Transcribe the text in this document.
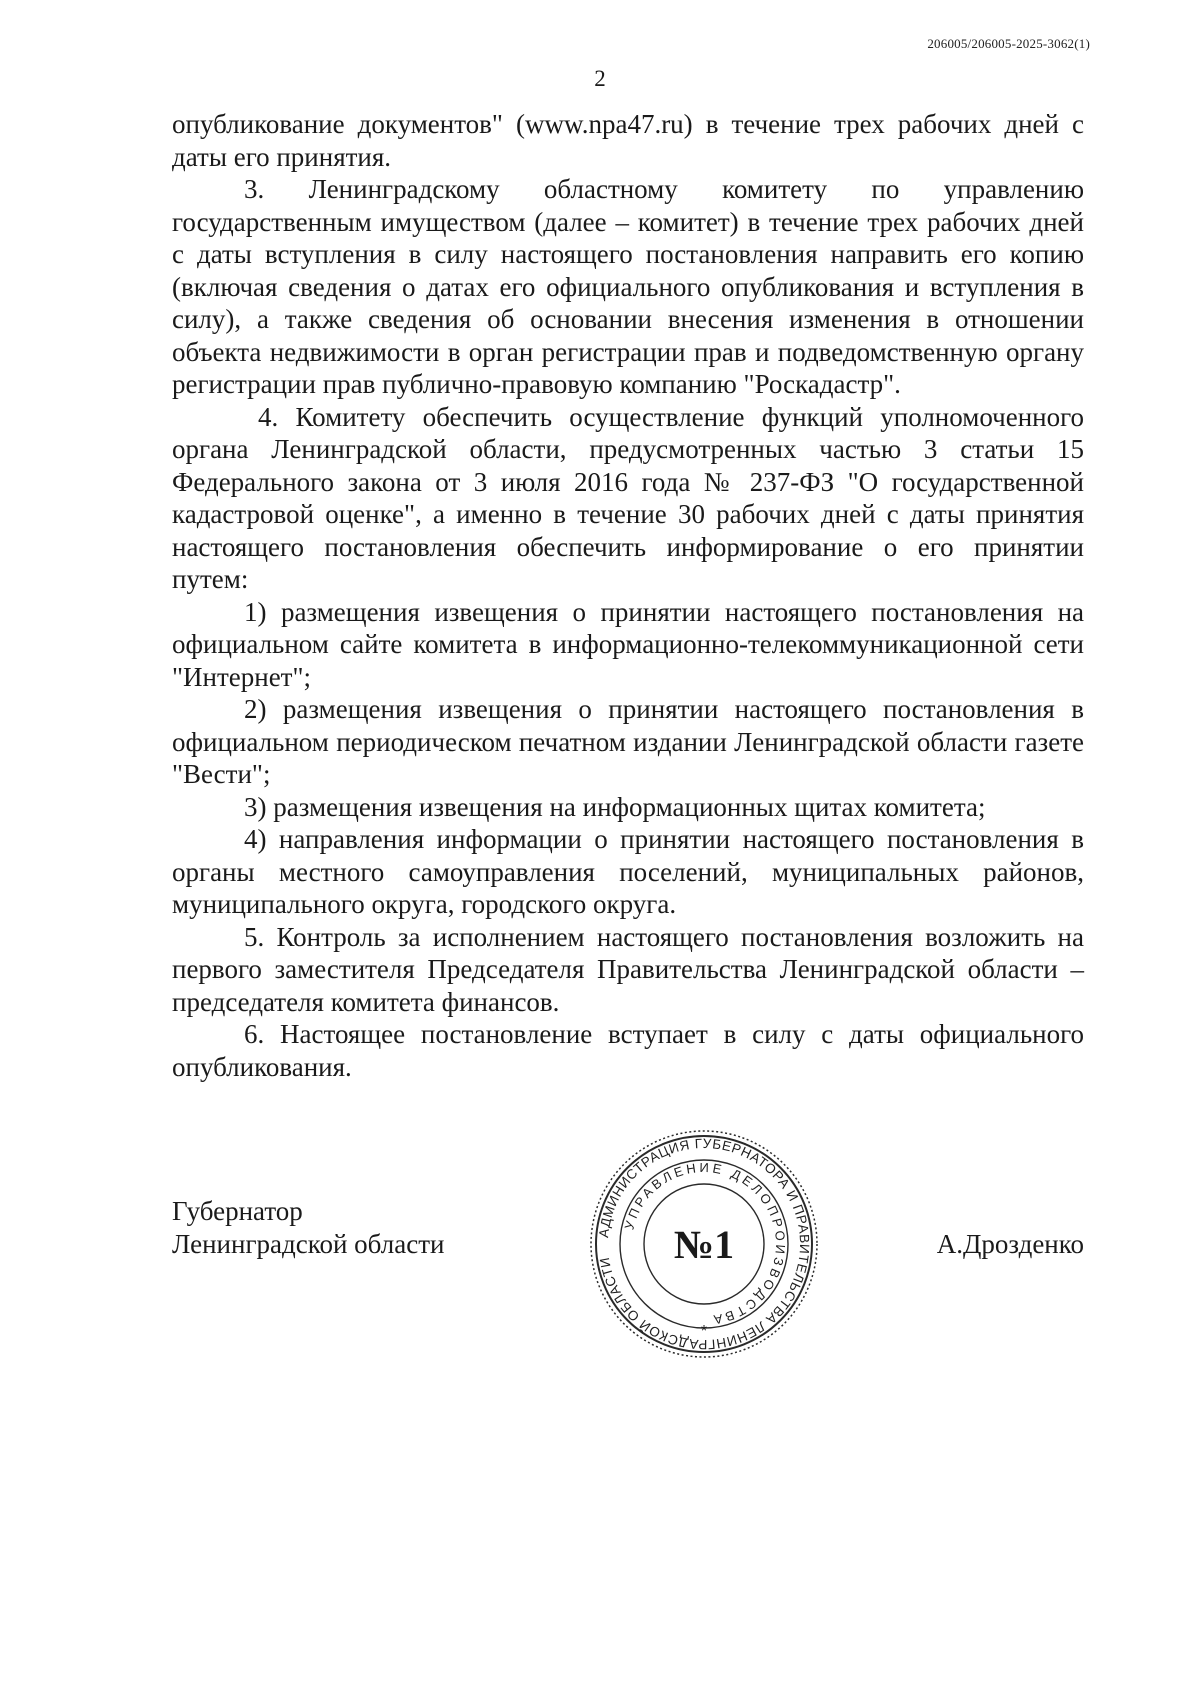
206005/206005-2025-3062(1)
2

опубликование документов" (www.npa47.ru) в течение трех рабочих дней с даты его принятия.

3. Ленинградскому областному комитету по управлению государственным имуществом (далее – комитет) в течение трех рабочих дней с даты вступления в силу настоящего постановления направить его копию (включая сведения о датах его официального опубликования и вступления в силу), а также сведения об основании внесения изменения в отношении объекта недвижимости в орган регистрации прав и подведомственную органу регистрации прав публично-правовую компанию "Роскадастр".

4. Комитету обеспечить осуществление функций уполномоченного органа Ленинградской области, предусмотренных частью 3 статьи 15 Федерального закона от 3 июля 2016 года № 237-ФЗ "О государственной кадастровой оценке", а именно в течение 30 рабочих дней с даты принятия настоящего постановления обеспечить информирование о его принятии путем:

1) размещения извещения о принятии настоящего постановления на официальном сайте комитета в информационно-телекоммуникационной сети "Интернет";

2) размещения извещения о принятии настоящего постановления в официальном периодическом печатном издании Ленинградской области газете "Вести";

3) размещения извещения на информационных щитах комитета;

4) направления информации о принятии настоящего постановления в органы местного самоуправления поселений, муниципальных районов, муниципального округа, городского округа.

5. Контроль за исполнением настоящего постановления возложить на первого заместителя Председателя Правительства Ленинградской области – председателя комитета финансов.

6. Настоящее постановление вступает в силу с даты официального опубликования.

Губернатор
Ленинградской области	А.Дрозденко
АДМИНИСТРАЦИЯ ГУБЕРНАТОРА И ПРАВИТЕЛЬСТВА ЛЕНИНГРАДСКОЙ ОБЛАСТИ
УПРАВЛЕНИЕ ДЕЛОПРОИЗВОДСТВА
*
№1
